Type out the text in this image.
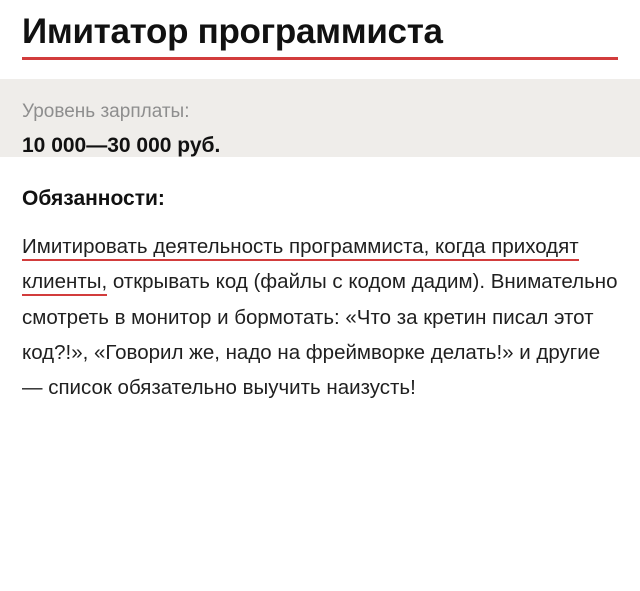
Имитатор программиста
Уровень зарплаты:
10 000—30 000 руб.
Обязанности:
Имитировать деятельность программиста, когда приходят клиенты, открывать код (файлы с кодом дадим). Внимательно смотреть в монитор и бормотать: «Что за кретин писал этот код?!», «Говорил же, надо на фреймворке делать!» и другие — список обязательно выучить наизусть!
